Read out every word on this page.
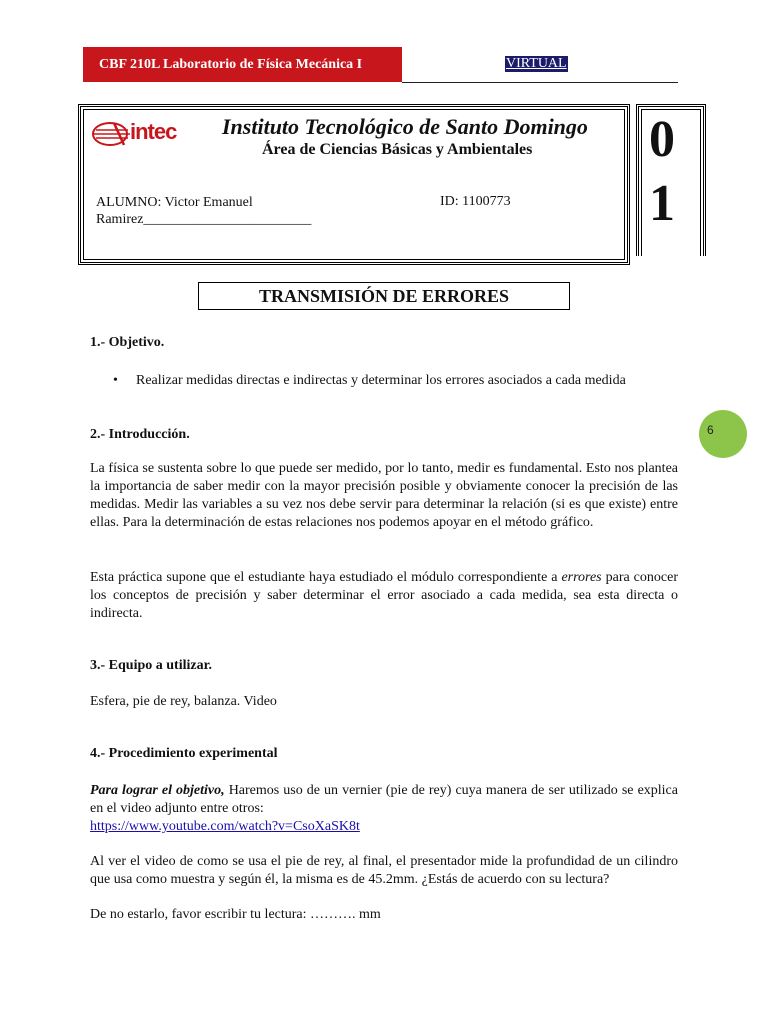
CBF 210L Laboratorio de Física Mecánica I	VIRTUAL
intec Instituto Tecnológico de Santo Domingo
Área de Ciencias Básicas y Ambientales
ALUMNO: Victor Emanuel
Ramirez________________________
ID: 1100773
0 1
TRANSMISIÓN DE ERRORES
1.- Objetivo.
• Realizar medidas directas e indirectas y determinar los errores asociados a cada medida
2.- Introducción.
La física se sustenta sobre lo que puede ser medido, por lo tanto, medir es fundamental. Esto nos plantea la importancia de saber medir con la mayor precisión posible y obviamente conocer la precisión de las medidas. Medir las variables a su vez nos debe servir para determinar la relación (si es que existe) entre ellas. Para la determinación de estas relaciones nos podemos apoyar en el método gráfico.
Esta práctica supone que el estudiante haya estudiado el módulo correspondiente a errores para conocer los conceptos de precisión y saber determinar el error asociado a cada medida, sea esta directa o indirecta.
3.- Equipo a utilizar.
Esfera, pie de rey, balanza. Video
4.- Procedimiento experimental
Para lograr el objetivo, Haremos uso de un vernier (pie de rey) cuya manera de ser utilizado se explica en el video adjunto entre otros:
https://www.youtube.com/watch?v=CsoXaSK8t
Al ver el video de como se usa el pie de rey, al final, el presentador mide la profundidad de un cilindro que usa como muestra y según él, la misma es de 45.2mm. ¿Estás de acuerdo con su lectura?
De no estarlo, favor escribir tu lectura: ………. mm
6
